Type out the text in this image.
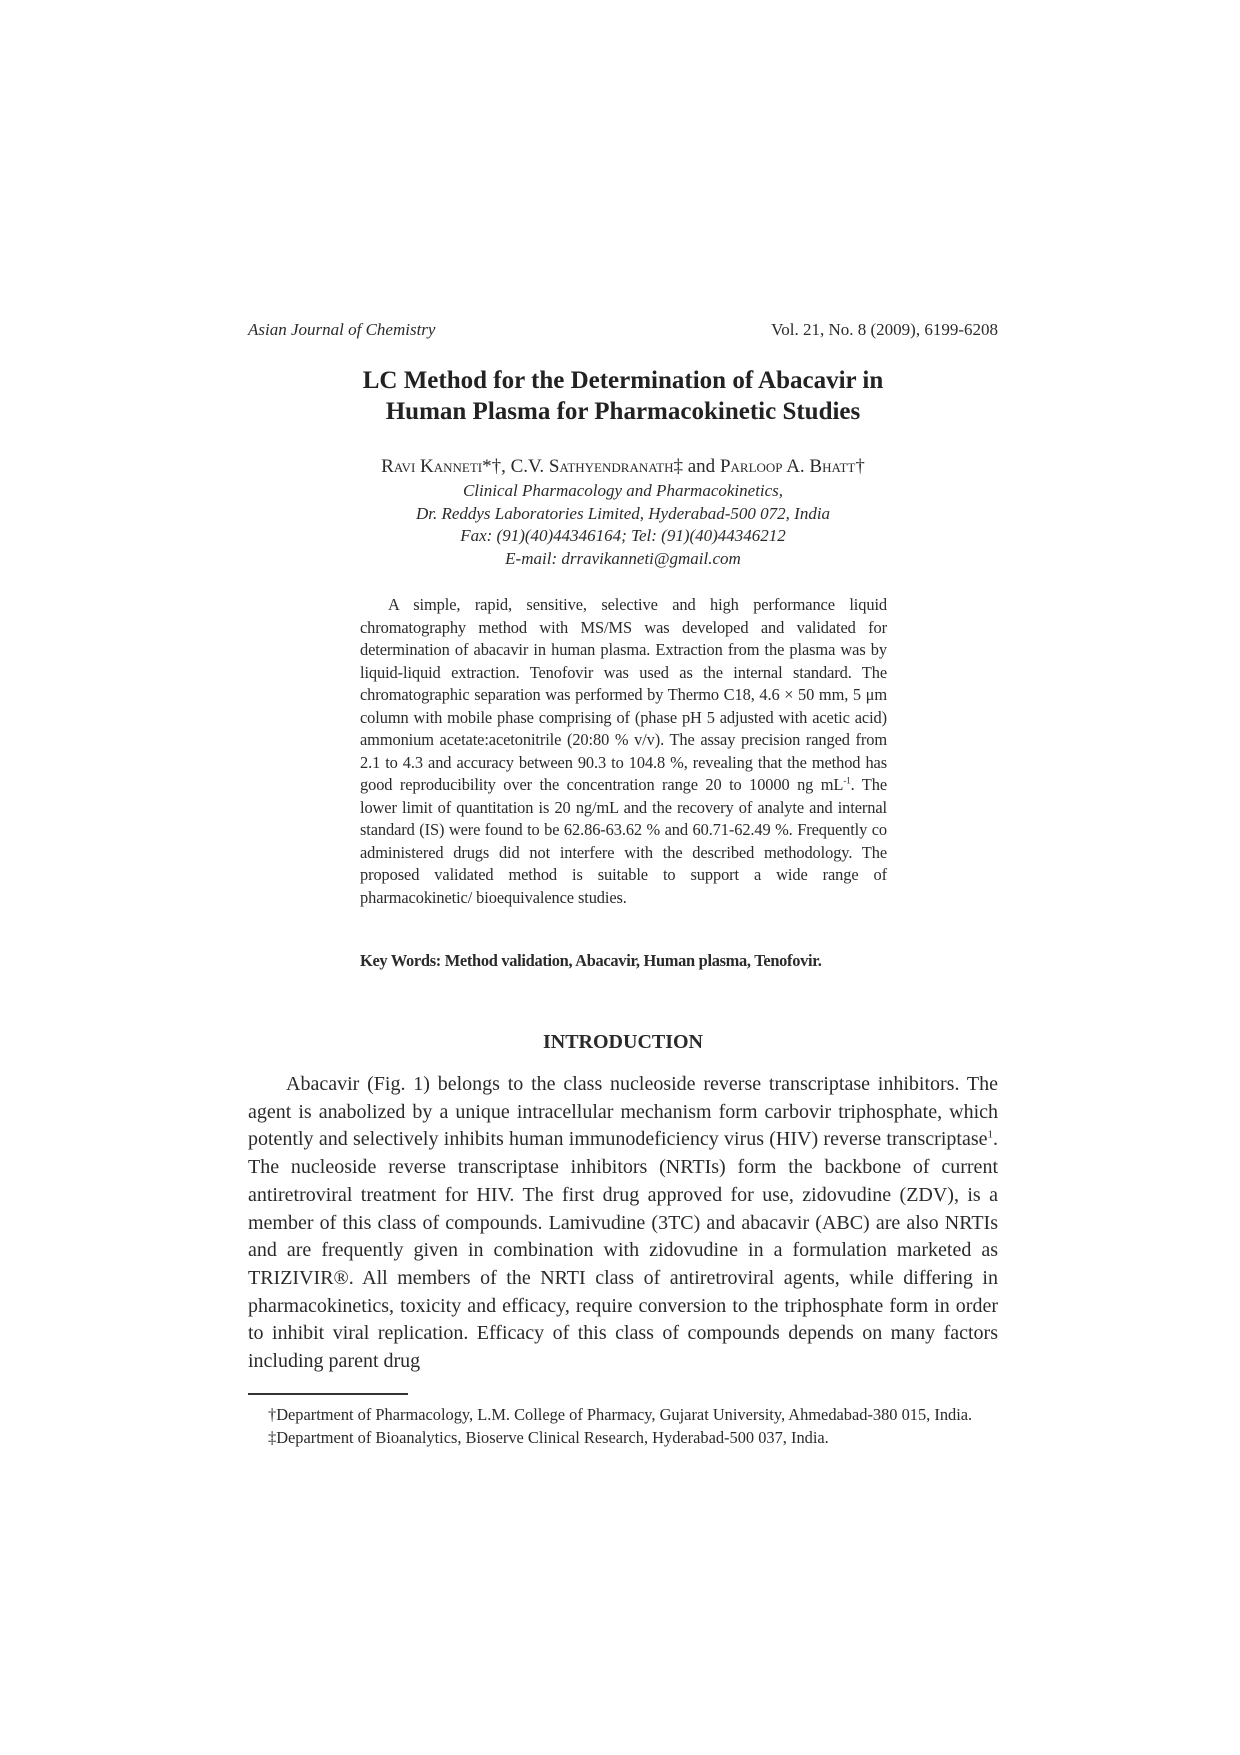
Asian Journal of Chemistry	Vol. 21, No. 8 (2009), 6199-6208
LC Method for the Determination of Abacavir in
Human Plasma for Pharmacokinetic Studies
Ravi Kanneti*†, C.V. Sathyendranath‡ and Parloop A. Bhatt†
Clinical Pharmacology and Pharmacokinetics,
Dr. Reddys Laboratories Limited, Hyderabad-500 072, India
Fax: (91)(40)44346164; Tel: (91)(40)44346212
E-mail: drravikanneti@gmail.com
A simple, rapid, sensitive, selective and high performance liquid chromatography method with MS/MS was developed and validated for determination of abacavir in human plasma. Extraction from the plasma was by liquid-liquid extraction. Tenofovir was used as the internal standard. The chromatographic separation was performed by Thermo C18, 4.6 × 50 mm, 5 μm column with mobile phase comprising of (phase pH 5 adjusted with acetic acid) ammonium acetate:acetonitrile (20:80 % v/v). The assay precision ranged from 2.1 to 4.3 and accuracy between 90.3 to 104.8 %, revealing that the method has good reproducibility over the concentration range 20 to 10000 ng $mL^{-1}$. The lower limit of quantitation is 20 ng/mL and the recovery of analyte and internal standard (IS) were found to be 62.86-63.62 % and 60.71-62.49 %. Frequently co administered drugs did not interfere with the described methodology. The proposed validated method is suitable to support a wide range of pharmacokinetic/ bioequivalence studies.
Key Words: Method validation, Abacavir, Human plasma, Tenofovir.
INTRODUCTION
Abacavir (Fig. 1) belongs to the class nucleoside reverse transcriptase inhibitors. The agent is anabolized by a unique intracellular mechanism form carbovir triphosphate, which potently and selectively inhibits human immunodeficiency virus (HIV) reverse transcriptase$^1$. The nucleoside reverse transcriptase inhibitors (NRTIs) form the backbone of current antiretroviral treatment for HIV. The first drug approved for use, zidovudine (ZDV), is a member of this class of compounds. Lamivudine (3TC) and abacavir (ABC) are also NRTIs and are frequently given in combination with zidovudine in a formulation marketed as TRIZIVIR®. All members of the NRTI class of antiretroviral agents, while differing in pharmacokinetics, toxicity and efficacy, require conversion to the triphosphate form in order to inhibit viral replication. Efficacy of this class of compounds depends on many factors including parent drug

†Department of Pharmacology, L.M. College of Pharmacy, Gujarat University, Ahmedabad-380 015, India.

‡Department of Bioanalytics, Bioserve Clinical Research, Hyderabad-500 037, India.
